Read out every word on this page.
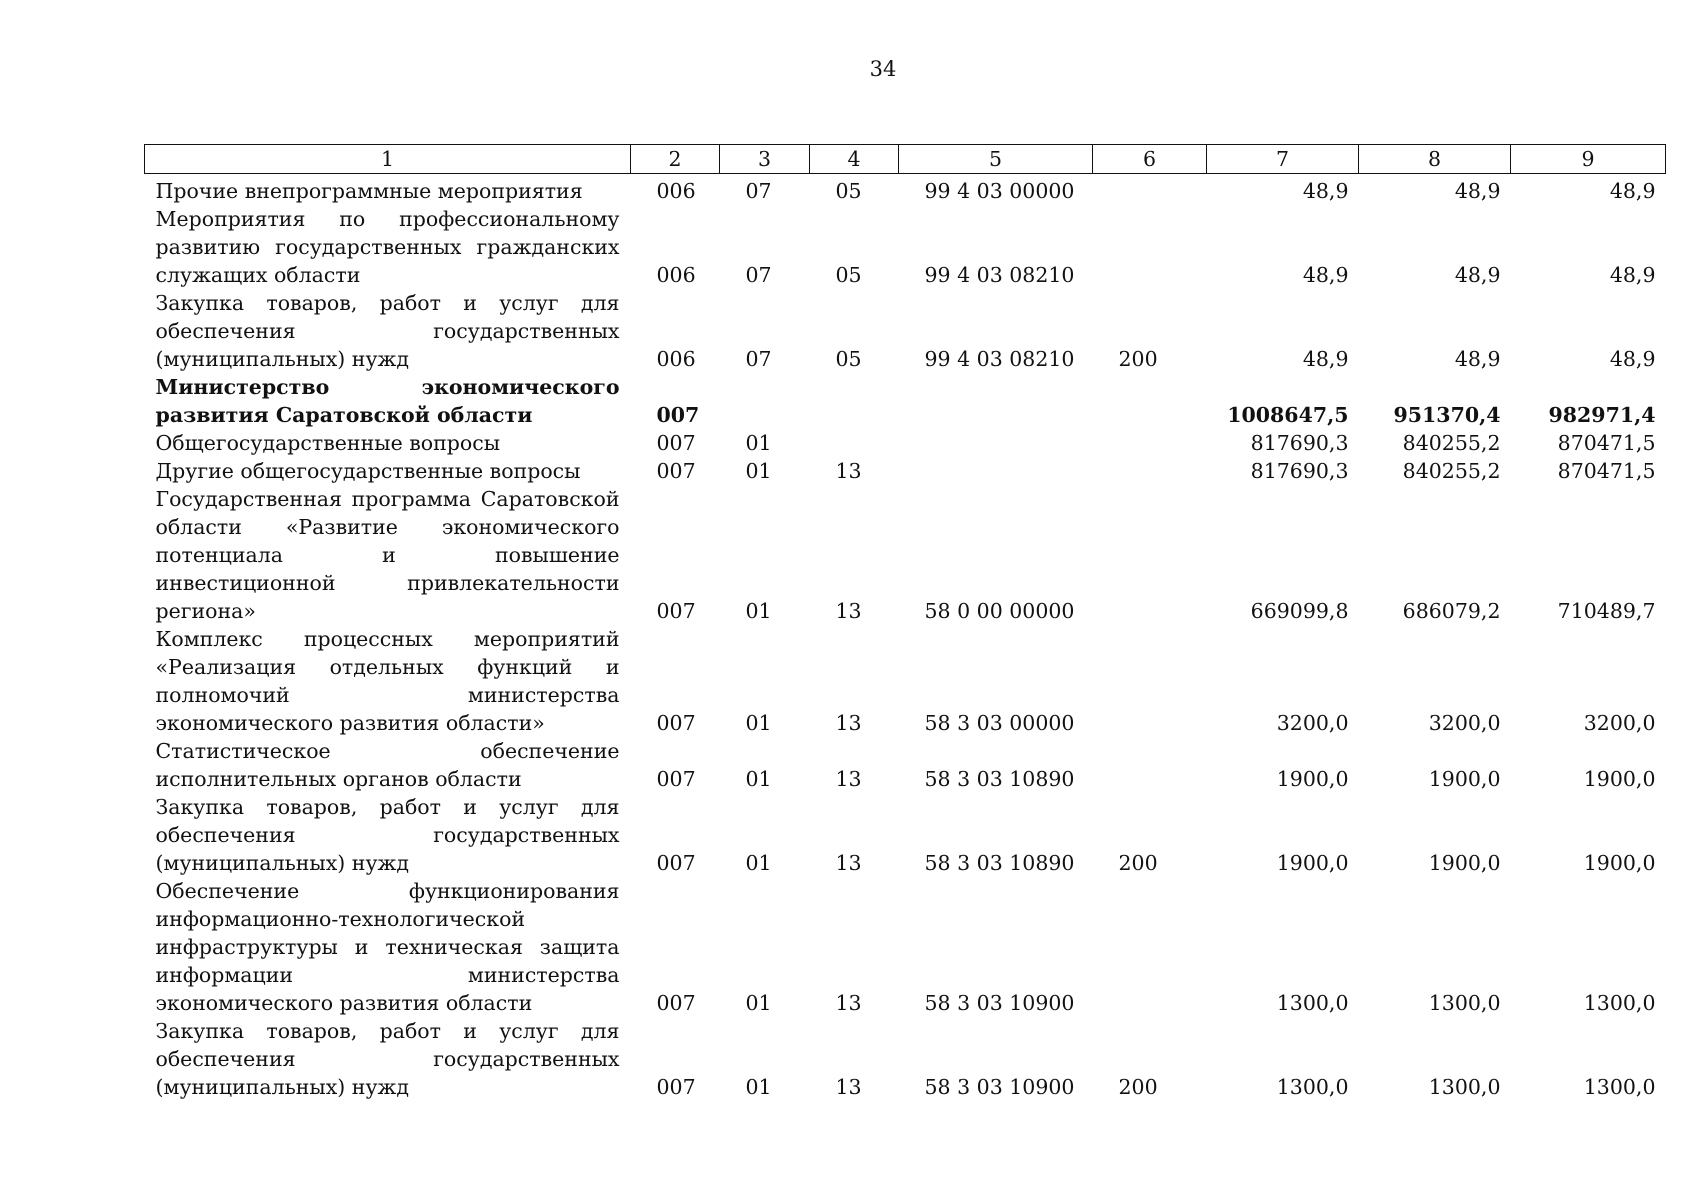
34
1	2	3	4	5	6	7	8	9
Прочие внепрограммные мероприятия	006	07	05	99 4 03 00000		48,9	48,9	48,9
Мероприятия по профессиональному развитию государственных гражданских служащих области	006	07	05	99 4 03 08210		48,9	48,9	48,9
Закупка товаров, работ и услуг для обеспечения государственных (муниципальных) нужд	006	07	05	99 4 03 08210	200	48,9	48,9	48,9
Министерство экономического развития Саратовской области	007					1008647,5	951370,4	982971,4
Общегосударственные вопросы	007	01				817690,3	840255,2	870471,5
Другие общегосударственные вопросы	007	01	13			817690,3	840255,2	870471,5
Государственная программа Саратовской области «Развитие экономического потенциала и повышение инвестиционной привлекательности региона»	007	01	13	58 0 00 00000		669099,8	686079,2	710489,7
Комплекс процессных мероприятий «Реализация отдельных функций и полномочий министерства экономического развития области»	007	01	13	58 3 03 00000		3200,0	3200,0	3200,0
Статистическое обеспечение исполнительных органов области	007	01	13	58 3 03 10890		1900,0	1900,0	1900,0
Закупка товаров, работ и услуг для обеспечения государственных (муниципальных) нужд	007	01	13	58 3 03 10890	200	1900,0	1900,0	1900,0
Обеспечение функционирования информационно-технологической инфраструктуры и техническая защита информации министерства экономического развития области	007	01	13	58 3 03 10900		1300,0	1300,0	1300,0
Закупка товаров, работ и услуг для обеспечения государственных (муниципальных) нужд	007	01	13	58 3 03 10900	200	1300,0	1300,0	1300,0
